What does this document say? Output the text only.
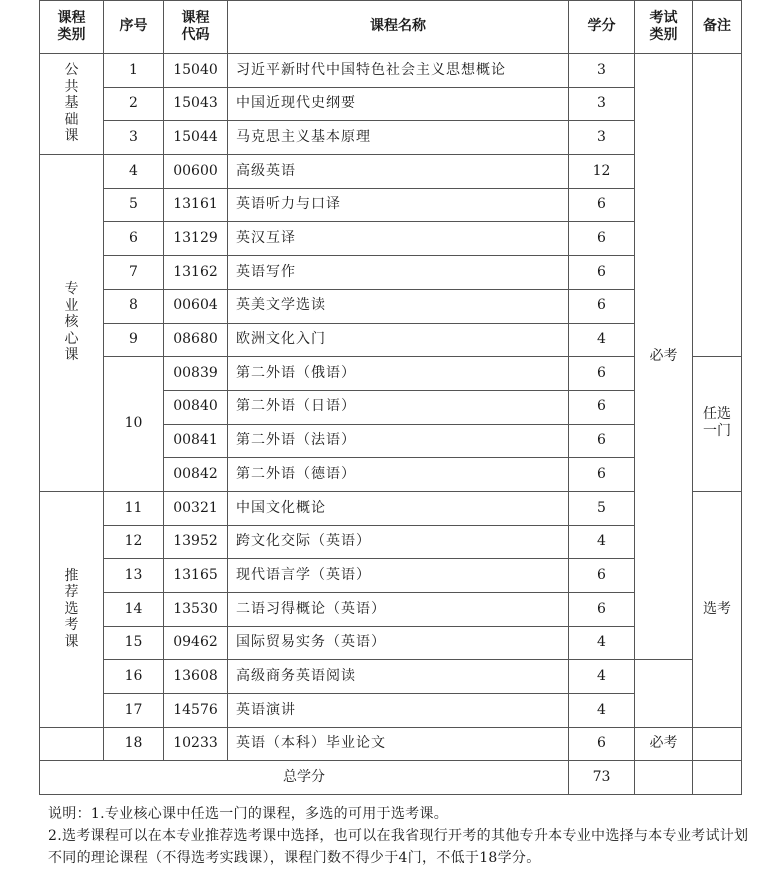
课程类别	序号	课程代码	课程名称	学分	考试类别	备注	
公共基础课	1	15040	习近平新时代中国特色社会主义思想概论	3	必考		
	2	15043	中国近现代史纲要	3			
	3	15044	马克思主义基本原理	3			
专业核心课	4	00600	高级英语	12			
	5	13161	英语听力与口译	6			
	6	13129	英汉互译	6			
	7	13162	英语写作	6			
	8	00604	英美文学选读	6			
	9	08680	欧洲文化入门	4			
	10	00839	第二外语（俄语）	6		任选一门	
		00840	第二外语（日语）	6			
		00841	第二外语（法语）	6			
		00842	第二外语（德语）	6			
推荐选考课	11	00321	中国文化概论	5		选考	
	12	13952	跨文化交际（英语）	4			
	13	13165	现代语言学（英语）	6			
	14	13530	二语习得概论（英语）	6			
	15	09462	国际贸易实务（英语）	4			
	16	13608	高级商务英语阅读	4			
	17	14576	英语演讲	4			
	18	10233	英语（本科）毕业论文	6	必考		
总学分				73			

说明：1.专业核心课中任选一门的课程，多选的可用于选考课。

2.选考课程可以在本专业推荐选考课中选择，也可以在我省现行开考的其他专升本专业中选择与本专业考试计划不同的理论课程（不得选考实践课），课程门数不得少于4门，不低于18学分。
